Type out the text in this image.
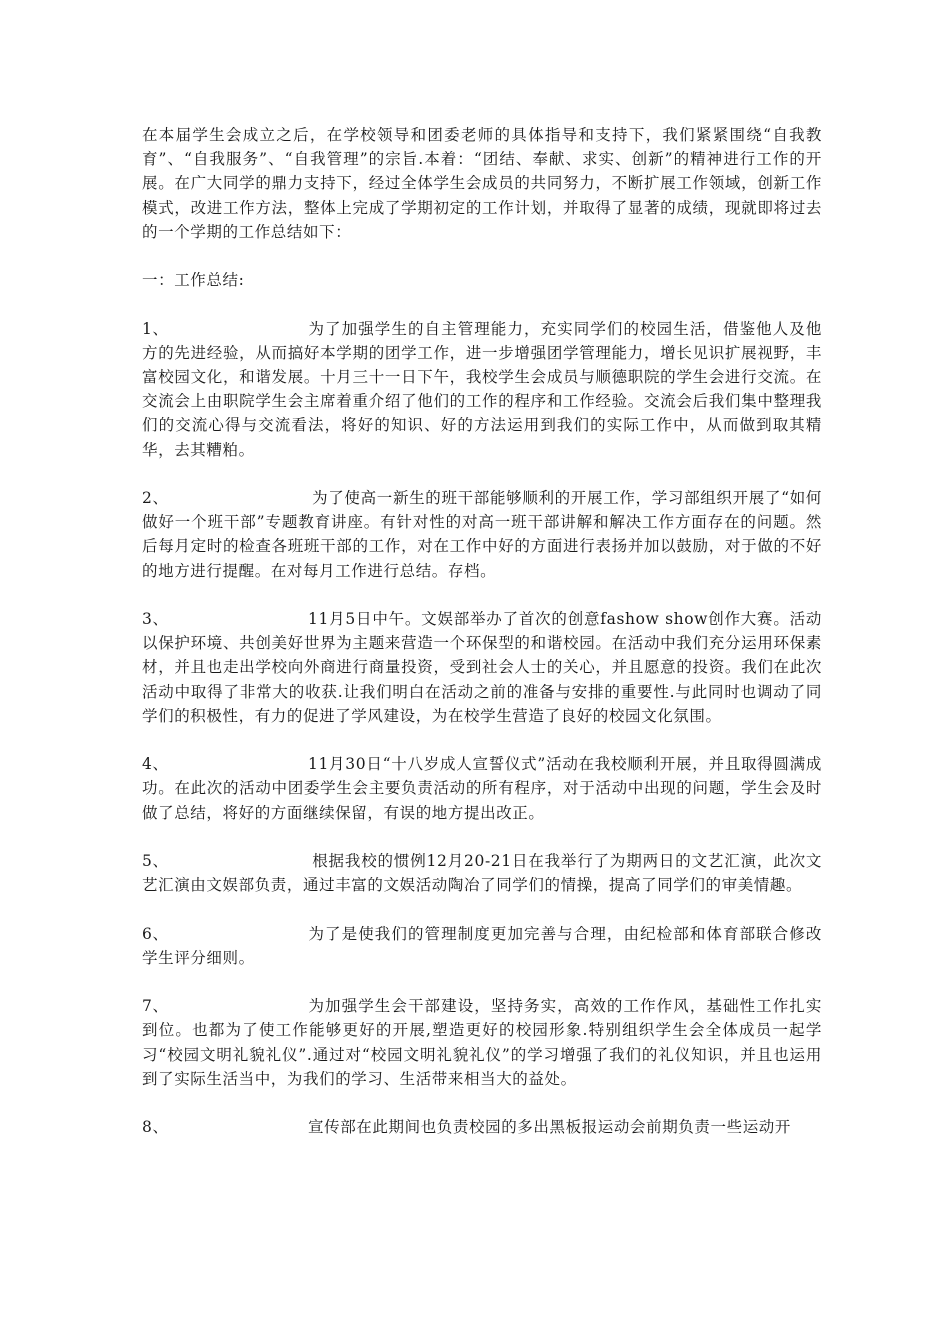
在本届学生会成立之后，在学校领导和团委老师的具体指导和支持下，我们紧紧围绕“自我教育”、“自我服务”、“自我管理”的宗旨.本着：“团结、奉献、求实、创新”的精神进行工作的开展。在广大同学的鼎力支持下，经过全体学生会成员的共同努力，不断扩展工作领域，创新工作模式，改进工作方法，整体上完成了学期初定的工作计划，并取得了显著的成绩，现就即将过去的一个学期的工作总结如下：

一：工作总结:

1、	为了加强学生的自主管理能力，充实同学们的校园生活，借鉴他人及他方的先进经验，从而搞好本学期的团学工作，进一步增强团学管理能力，增长见识扩展视野，丰富校园文化，和谐发展。十月三十一日下午，我校学生会成员与顺德职院的学生会进行交流。在交流会上由职院学生会主席着重介绍了他们的工作的程序和工作经验。交流会后我们集中整理我们的交流心得与交流看法，将好的知识、好的方法运用到我们的实际工作中，从而做到取其精华，去其糟粕。

2、	为了使高一新生的班干部能够顺利的开展工作，学习部组织开展了“如何做好一个班干部”专题教育讲座。有针对性的对高一班干部讲解和解决工作方面存在的问题。然后每月定时的检查各班班干部的工作，对在工作中好的方面进行表扬并加以鼓励，对于做的不好的地方进行提醒。在对每月工作进行总结。存档。

3、	11月5日中午。文娱部举办了首次的创意fashow show创作大赛。活动以保护环境、共创美好世界为主题来营造一个环保型的和谐校园。在活动中我们充分运用环保素材，并且也走出学校向外商进行商量投资，受到社会人士的关心，并且愿意的投资。我们在此次活动中取得了非常大的收获.让我们明白在活动之前的准备与安排的重要性.与此同时也调动了同学们的积极性，有力的促进了学风建设，为在校学生营造了良好的校园文化氛围。

4、	11月30日“十八岁成人宣誓仪式”活动在我校顺利开展，并且取得圆满成功。在此次的活动中团委学生会主要负责活动的所有程序，对于活动中出现的问题，学生会及时做了总结，将好的方面继续保留，有误的地方提出改正。

5、	根据我校的惯例12月20-21日在我举行了为期两日的文艺汇演，此次文艺汇演由文娱部负责，通过丰富的文娱活动陶冶了同学们的情操，提高了同学们的审美情趣。

6、	为了是使我们的管理制度更加完善与合理，由纪检部和体育部联合修改学生评分细则。

7、	为加强学生会干部建设，坚持务实，高效的工作作风，基础性工作扎实到位。也都为了使工作能够更好的开展,塑造更好的校园形象.特别组织学生会全体成员一起学习“校园文明礼貌礼仪”.通过对“校园文明礼貌礼仪”的学习增强了我们的礼仪知识，并且也运用到了实际生活当中，为我们的学习、生活带来相当大的益处。

8、	宣传部在此期间也负责校园的多出黑板报运动会前期负责一些运动开
